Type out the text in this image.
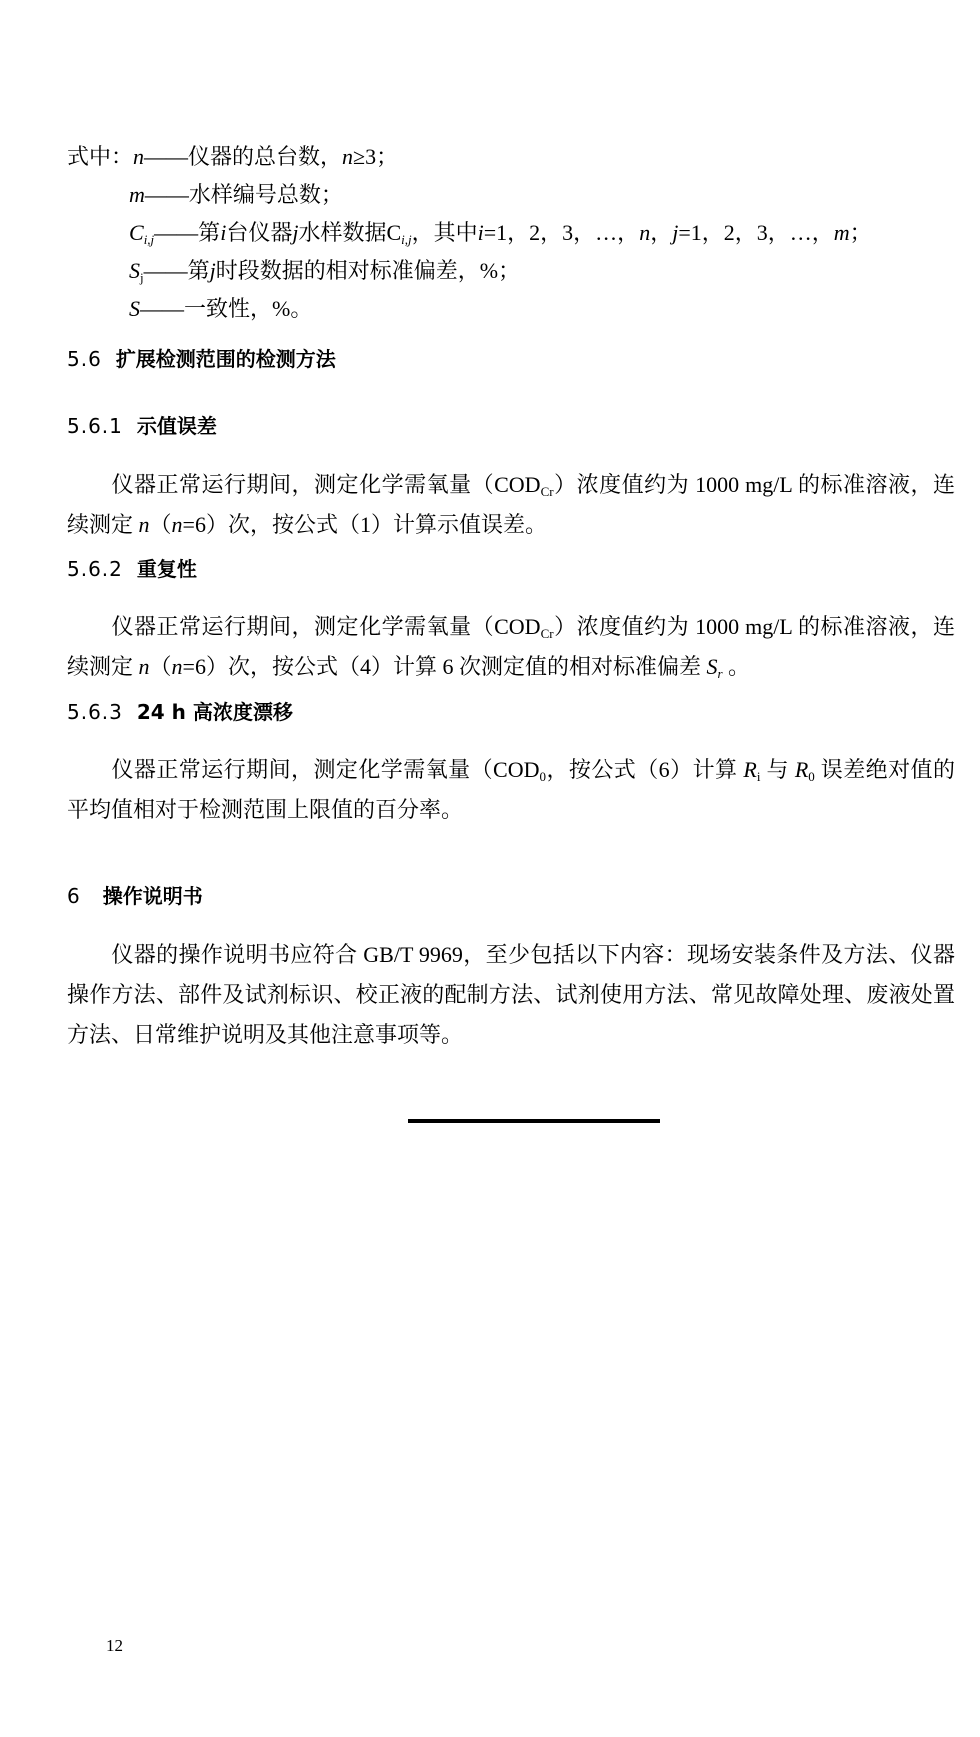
式中：n——仪器的总台数，n≥3；
m——水样编号总数；
$C_{i,j}——$第i台仪器j水样数据$C_{i,j}$，其中i=1，2，3，…，n，j=1，2，3，…，m；
$S_j——$第j时段数据的相对标准偏差，%；
S——一致性，%。
5.6 扩展检测范围的检测方法
5.6.1 示值误差
仪器正常运行期间，测定化学需氧量$(COD_{Cr})$浓度值约为 1000 mg/L 的标准溶液，连续测定 n（n=6）次，按公式（1）计算示值误差。
5.6.2 重复性
仪器正常运行期间，测定化学需氧量$(COD_{Cr})$浓度值约为 1000 mg/L 的标准溶液，连续测定 n（n=6）次，按公式（4）计算 6 次测定值的相对标准偏差 $S_r$ 。
5.6.3 24 h 高浓度漂移
仪器正常运行期间，测定化学需氧量（$COD_0$，按公式（6）计算 $R_i$ 与 $R_0$ 误差绝对值的平均值相对于检测范围上限值的百分率。
6 操作说明书
仪器的操作说明书应符合 GB/T 9969，至少包括以下内容：现场安装条件及方法、仪器操作方法、部件及试剂标识、校正液的配制方法、试剂使用方法、常见故障处理、废液处置方法、日常维护说明及其他注意事项等。
12
